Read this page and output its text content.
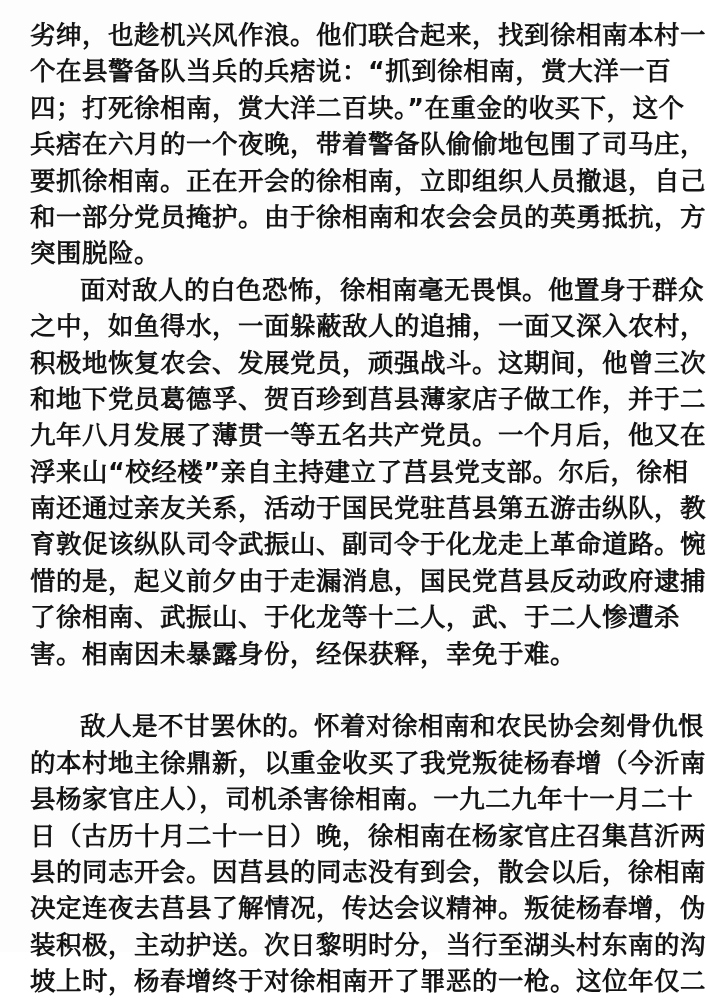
劣绅，也趁机兴风作浪。他们联合起来，找到徐相南本村一
个在县警备队当兵的兵痞说：“抓到徐相南，赏大洋一百
四；打死徐相南，赏大洋二百块。”在重金的收买下，这个
兵痞在六月的一个夜晚，带着警备队偷偷地包围了司马庄，
要抓徐相南。正在开会的徐相南，立即组织人员撤退，自己
和一部分党员掩护。由于徐相南和农会会员的英勇抵抗，方
突围脱险。
面对敌人的白色恐怖，徐相南毫无畏惧。他置身于群众
之中，如鱼得水，一面躲蔽敌人的追捕，一面又深入农村，
积极地恢复农会、发展党员，顽强战斗。这期间，他曾三次
和地下党员葛德孚、贺百珍到莒县薄家店子做工作，并于二
九年八月发展了薄贯一等五名共产党员。一个月后，他又在
浮来山“校经楼”亲自主持建立了莒县党支部。尔后，徐相
南还通过亲友关系，活动于国民党驻莒县第五游击纵队，教
育敦促该纵队司令武振山、副司令于化龙走上革命道路。惋
惜的是，起义前夕由于走漏消息，国民党莒县反动政府逮捕
了徐相南、武振山、于化龙等十二人，武、于二人惨遭杀
害。相南因未暴露身份，经保获释，幸免于难。
敌人是不甘罢休的。怀着对徐相南和农民协会刻骨仇恨
的本村地主徐鼎新，以重金收买了我党叛徒杨春增（今沂南
县杨家官庄人），司机杀害徐相南。一九二九年十一月二十
日（古历十月二十一日）晚，徐相南在杨家官庄召集莒沂两
县的同志开会。因莒县的同志没有到会，散会以后，徐相南
决定连夜去莒县了解情况，传达会议精神。叛徒杨春增，伪
装积极，主动护送。次日黎明时分，当行至湖头村东南的沟
坡上时，杨春增终于对徐相南开了罪恶的一枪。这位年仅二
